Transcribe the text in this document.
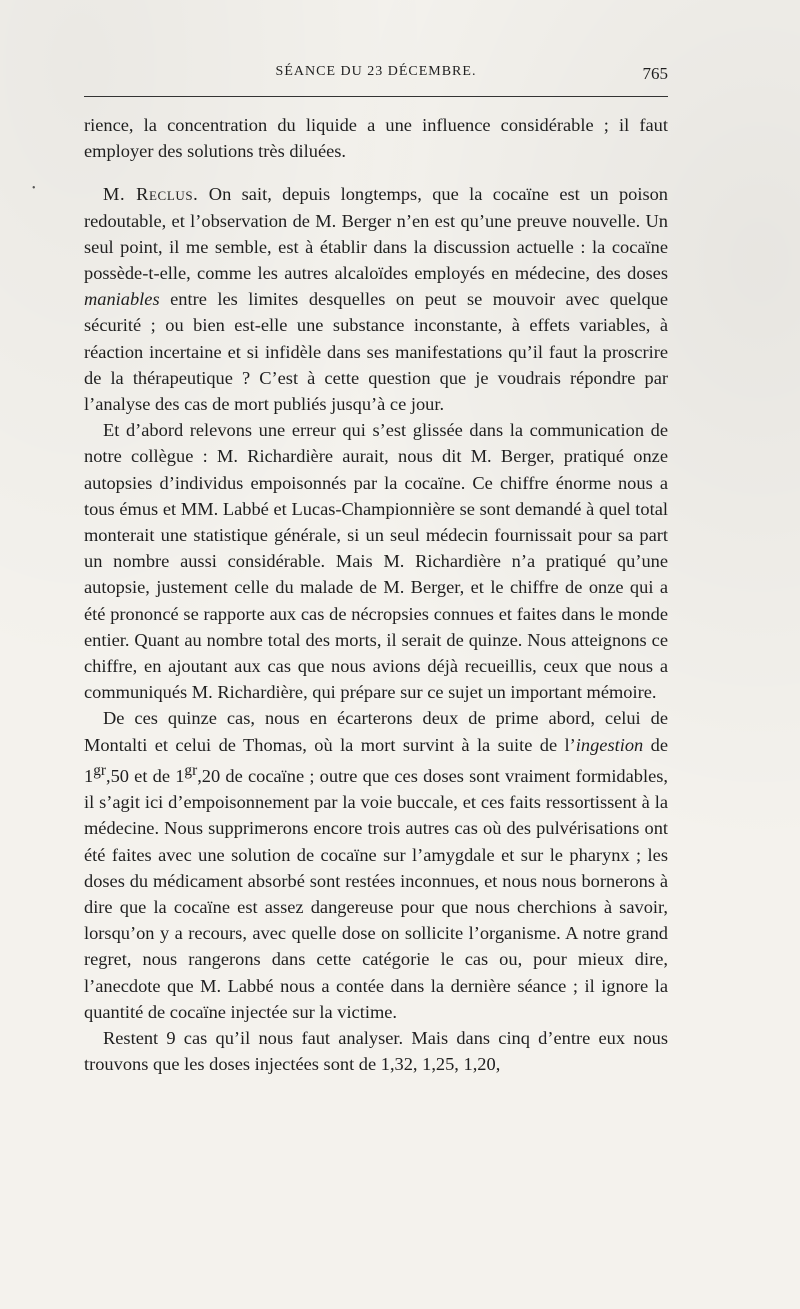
SÉANCE DU 23 DÉCEMBRE.	765
•

rience, la concentration du liquide a une influence considérable ; il faut employer des solutions très diluées.

M. Reclus. On sait, depuis longtemps, que la cocaïne est un poison redoutable, et l’observation de M. Berger n’en est qu’une preuve nouvelle. Un seul point, il me semble, est à établir dans la discussion actuelle : la cocaïne possède-t-elle, comme les autres alcaloïdes employés en médecine, des doses maniables entre les limites desquelles on peut se mouvoir avec quelque sécurité ; ou bien est-elle une substance inconstante, à effets variables, à réaction incertaine et si infidèle dans ses manifestations qu’il faut la proscrire de la thérapeutique ? C’est à cette question que je voudrais répondre par l’analyse des cas de mort publiés jusqu’à ce jour.

Et d’abord relevons une erreur qui s’est glissée dans la communication de notre collègue : M. Richardière aurait, nous dit M. Berger, pratiqué onze autopsies d’individus empoisonnés par la cocaïne. Ce chiffre énorme nous a tous émus et MM. Labbé et Lucas-Championnière se sont demandé à quel total monterait une statistique générale, si un seul médecin fournissait pour sa part un nombre aussi considérable. Mais M. Richardière n’a pratiqué qu’une autopsie, justement celle du malade de M. Berger, et le chiffre de onze qui a été prononcé se rapporte aux cas de nécropsies connues et faites dans le monde entier. Quant au nombre total des morts, il serait de quinze. Nous atteignons ce chiffre, en ajoutant aux cas que nous avions déjà recueillis, ceux que nous a communiqués M. Richardière, qui prépare sur ce sujet un important mémoire.

De ces quinze cas, nous en écarterons deux de prime abord, celui de Montalti et celui de Thomas, où la mort survint à la suite de l’ingestion de $1^{gr},50$ et de $1^{gr},20$ de cocaïne ; outre que ces doses sont vraiment formidables, il s’agit ici d’empoisonnement par la voie buccale, et ces faits ressortissent à la médecine. Nous supprimerons encore trois autres cas où des pulvérisations ont été faites avec une solution de cocaïne sur l’amygdale et sur le pharynx ; les doses du médicament absorbé sont restées inconnues, et nous nous bornerons à dire que la cocaïne est assez dangereuse pour que nous cherchions à savoir, lorsqu’on y a recours, avec quelle dose on sollicite l’organisme. A notre grand regret, nous rangerons dans cette catégorie le cas ou, pour mieux dire, l’anecdote que M. Labbé nous a contée dans la dernière séance ; il ignore la quantité de cocaïne injectée sur la victime.

Restent 9 cas qu’il nous faut analyser. Mais dans cinq d’entre eux nous trouvons que les doses injectées sont de 1,32, 1,25, 1,20,
